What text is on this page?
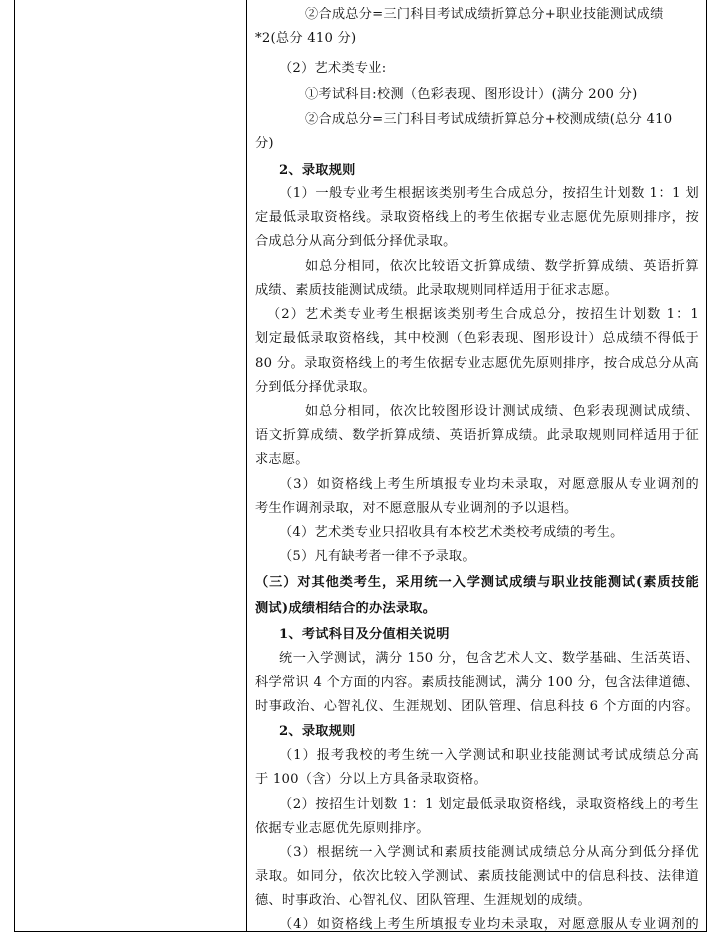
②合成总分=三门科目考试成绩折算总分+职业技能测试成绩
*2(总分 410 分)
（2）艺术类专业:
①考试科目:校测（色彩表现、图形设计）(满分 200 分)
②合成总分=三门科目考试成绩折算总分+校测成绩(总分 410
分)
2、录取规则
（1）一般专业考生根据该类别考生合成总分，按招生计划数 1：1 划
定最低录取资格线。录取资格线上的考生依据专业志愿优先原则排序，按
合成总分从高分到低分择优录取。
如总分相同，依次比较语文折算成绩、数学折算成绩、英语折算
成绩、素质技能测试成绩。此录取规则同样适用于征求志愿。
（2）艺术类专业考生根据该类别考生合成总分，按招生计划数 1：1
划定最低录取资格线，其中校测（色彩表现、图形设计）总成绩不得低于
80 分。录取资格线上的考生依据专业志愿优先原则排序，按合成总分从高
分到低分择优录取。
如总分相同，依次比较图形设计测试成绩、色彩表现测试成绩、
语文折算成绩、数学折算成绩、英语折算成绩。此录取规则同样适用于征
求志愿。
（3）如资格线上考生所填报专业均未录取，对愿意服从专业调剂的
考生作调剂录取，对不愿意服从专业调剂的予以退档。
（4）艺术类专业只招收具有本校艺术类校考成绩的考生。
（5）凡有缺考者一律不予录取。
（三）对其他类考生，采用统一入学测试成绩与职业技能测试(素质技能
测试)成绩相结合的办法录取。
1、考试科目及分值相关说明
统一入学测试，满分 150 分，包含艺术人文、数学基础、生活英语、
科学常识 4 个方面的内容。素质技能测试，满分 100 分，包含法律道德、
时事政治、心智礼仪、生涯规划、团队管理、信息科技 6 个方面的内容。
2、录取规则
（1）报考我校的考生统一入学测试和职业技能测试考试成绩总分高
于 100（含）分以上方具备录取资格。
（2）按招生计划数 1：1 划定最低录取资格线，录取资格线上的考生
依据专业志愿优先原则排序。
（3）根据统一入学测试和素质技能测试成绩总分从高分到低分择优
录取。如同分，依次比较入学测试、素质技能测试中的信息科技、法律道
德、时事政治、心智礼仪、团队管理、生涯规划的成绩。
（4）如资格线上考生所填报专业均未录取，对愿意服从专业调剂的
